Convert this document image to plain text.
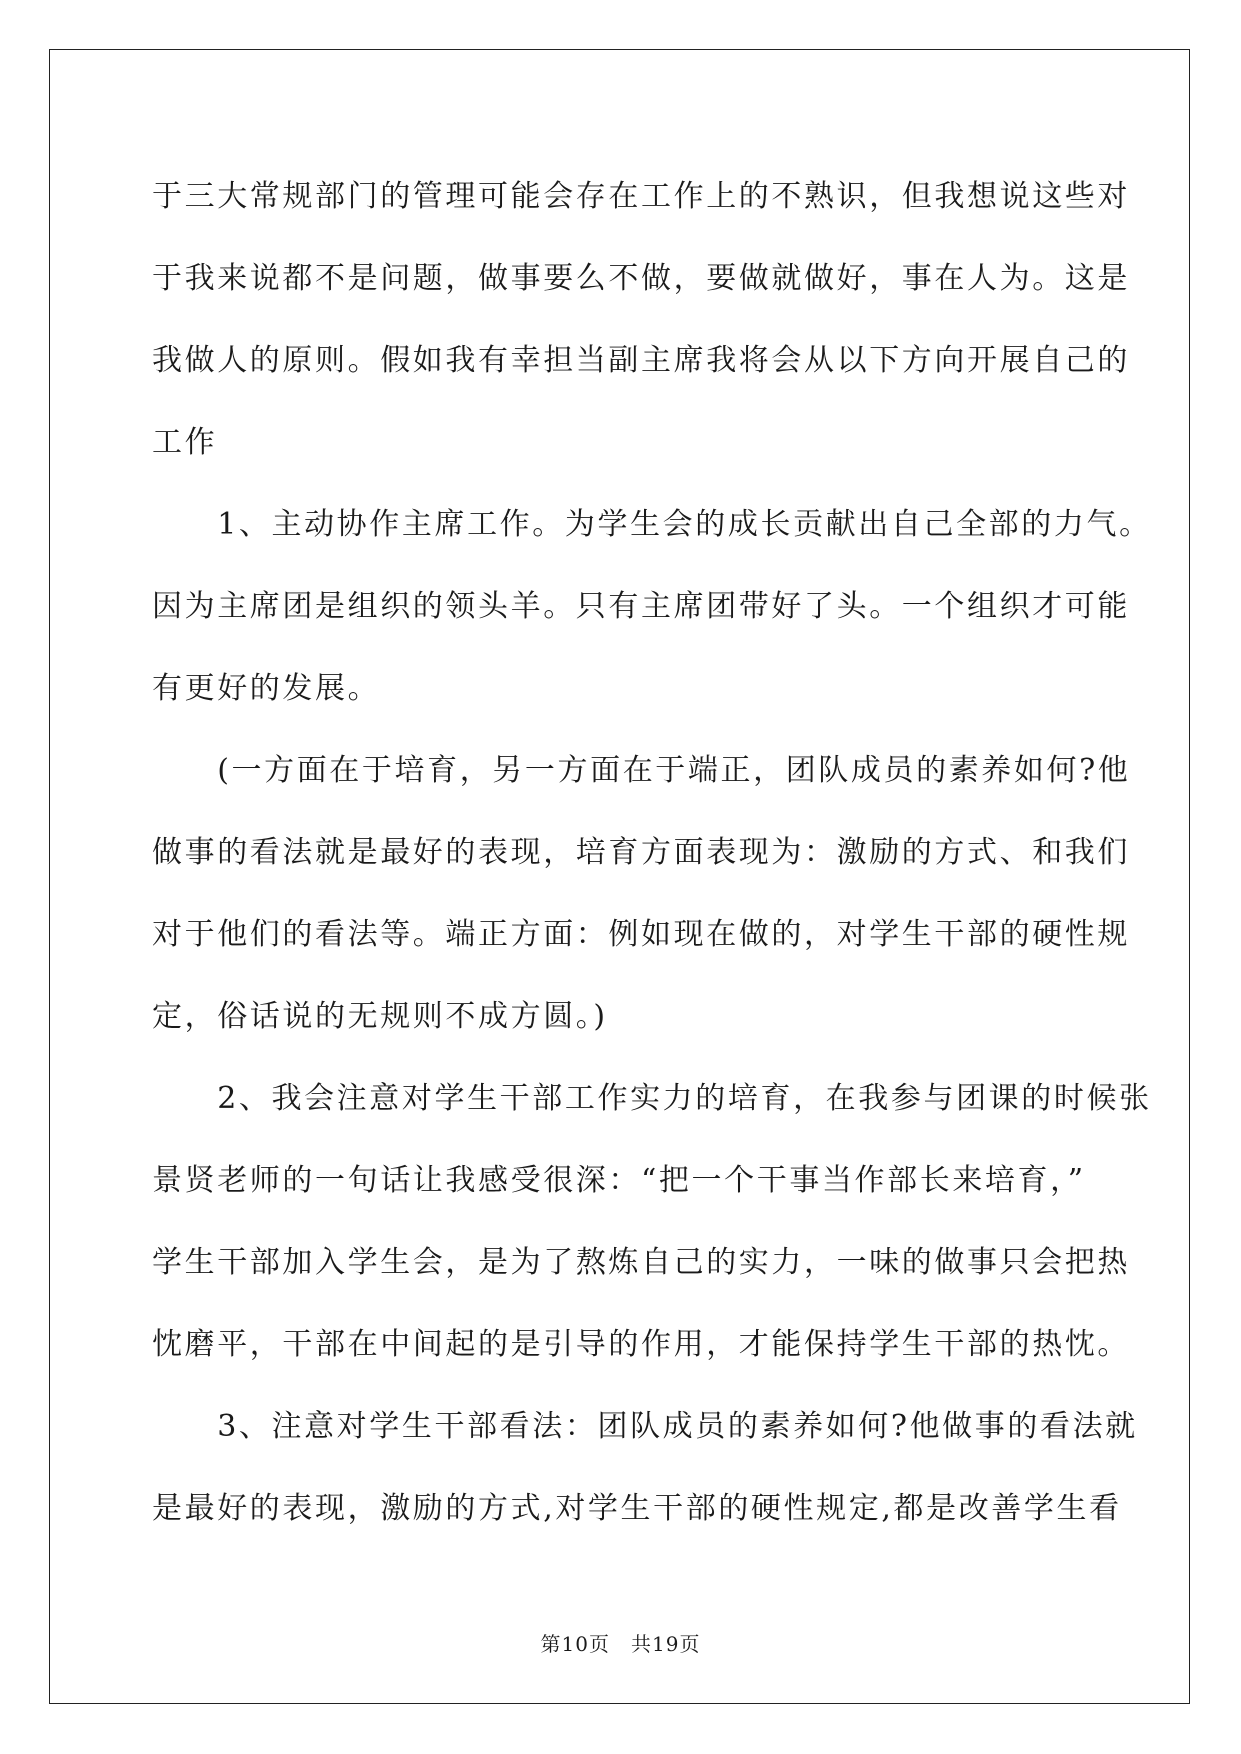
于三大常规部门的管理可能会存在工作上的不熟识，但我想说这些对
于我来说都不是问题，做事要么不做，要做就做好，事在人为。这是
我做人的原则。假如我有幸担当副主席我将会从以下方向开展自己的
工作
　　1、主动协作主席工作。为学生会的成长贡献出自己全部的力气。
因为主席团是组织的领头羊。只有主席团带好了头。一个组织才可能
有更好的发展。
　　(一方面在于培育，另一方面在于端正，团队成员的素养如何?他
做事的看法就是最好的表现，培育方面表现为：激励的方式、和我们
对于他们的看法等。端正方面：例如现在做的，对学生干部的硬性规
定，俗话说的无规则不成方圆。)
　　2、我会注意对学生干部工作实力的培育，在我参与团课的时候张
景贤老师的一句话让我感受很深：“把一个干事当作部长来培育，”
学生干部加入学生会，是为了熬炼自己的实力，一味的做事只会把热
忱磨平，干部在中间起的是引导的作用，才能保持学生干部的热忱。
　　3、注意对学生干部看法：团队成员的素养如何?他做事的看法就
是最好的表现，激励的方式,对学生干部的硬性规定,都是改善学生看
第10页　共19页
